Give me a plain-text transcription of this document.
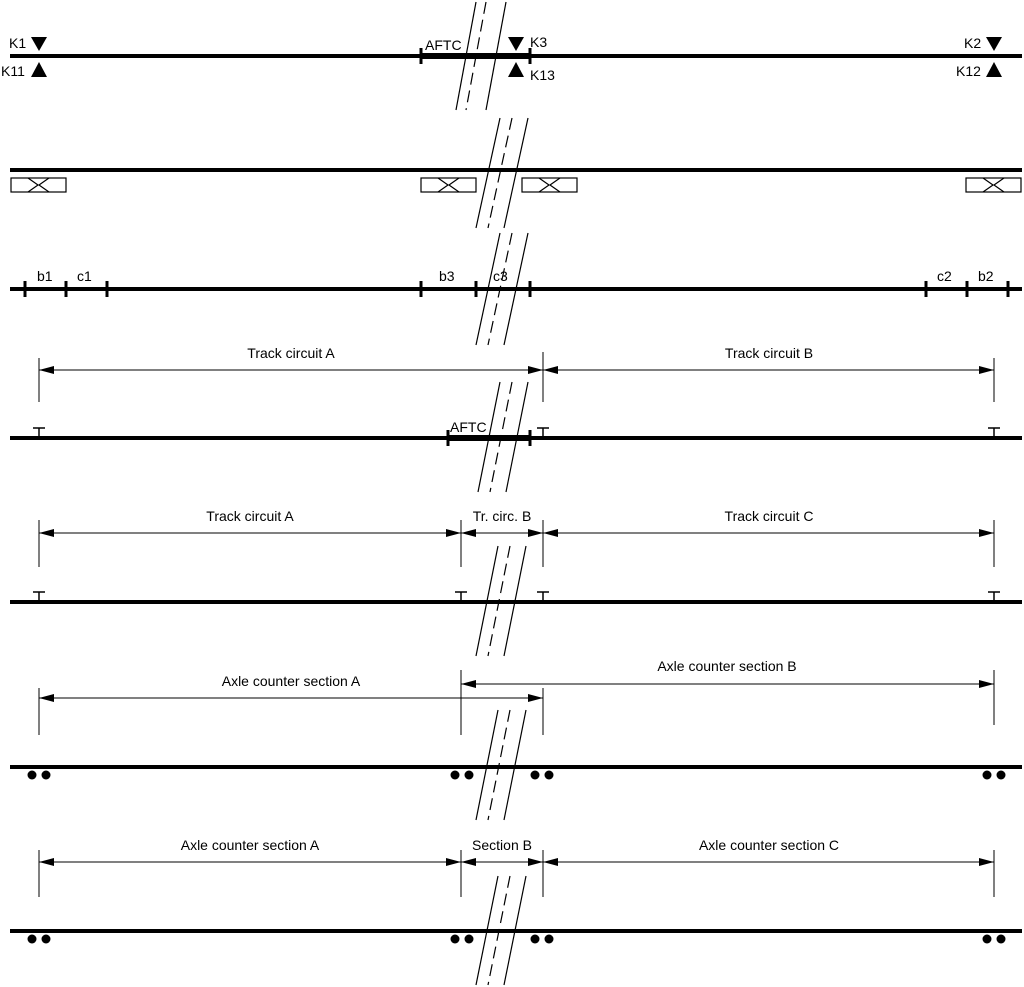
AFTC
K1
K11
K3
K13
K2
K12
b1 c1	b3	c3	c2 b2
Track circuit A	Track circuit B
AFTC
Track circuit A	Tr. circ. B	Track circuit C
Axle counter section A
Axle counter section B
Axle counter section A	Section B	Axle counter section C
